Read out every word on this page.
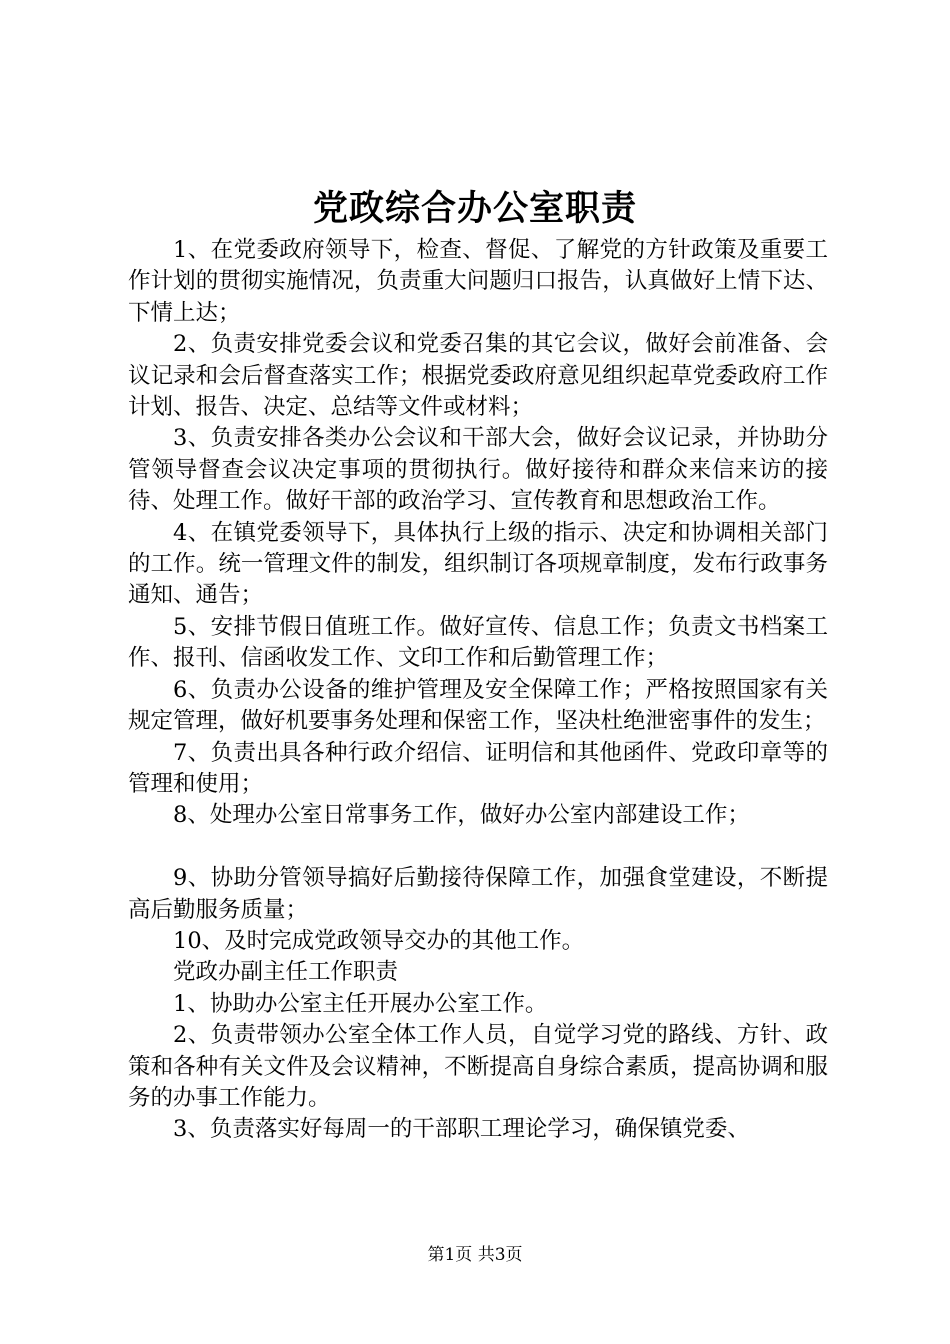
党政综合办公室职责

1、在党委政府领导下，检查、督促、了解党的方针政策及重要工作计划的贯彻实施情况，负责重大问题归口报告，认真做好上情下达、下情上达；

2、负责安排党委会议和党委召集的其它会议，做好会前准备、会议记录和会后督查落实工作；根据党委政府意见组织起草党委政府工作计划、报告、决定、总结等文件或材料；

3、负责安排各类办公会议和干部大会，做好会议记录，并协助分管领导督查会议决定事项的贯彻执行。做好接待和群众来信来访的接待、处理工作。做好干部的政治学习、宣传教育和思想政治工作。

4、在镇党委领导下，具体执行上级的指示、决定和协调相关部门的工作。统一管理文件的制发，组织制订各项规章制度，发布行政事务通知、通告；

5、安排节假日值班工作。做好宣传、信息工作；负责文书档案工作、报刊、信函收发工作、文印工作和后勤管理工作；

6、负责办公设备的维护管理及安全保障工作；严格按照国家有关规定管理，做好机要事务处理和保密工作，坚决杜绝泄密事件的发生；

7、负责出具各种行政介绍信、证明信和其他函件、党政印章等的管理和使用；

8、处理办公室日常事务工作，做好办公室内部建设工作；

9、协助分管领导搞好后勤接待保障工作，加强食堂建设，不断提高后勤服务质量；

10、及时完成党政领导交办的其他工作。

党政办副主任工作职责

1、协助办公室主任开展办公室工作。

2、负责带领办公室全体工作人员，自觉学习党的路线、方针、政策和各种有关文件及会议精神，不断提高自身综合素质，提高协调和服务的办事工作能力。

3、负责落实好每周一的干部职工理论学习，确保镇党委、

第1页 共3页
